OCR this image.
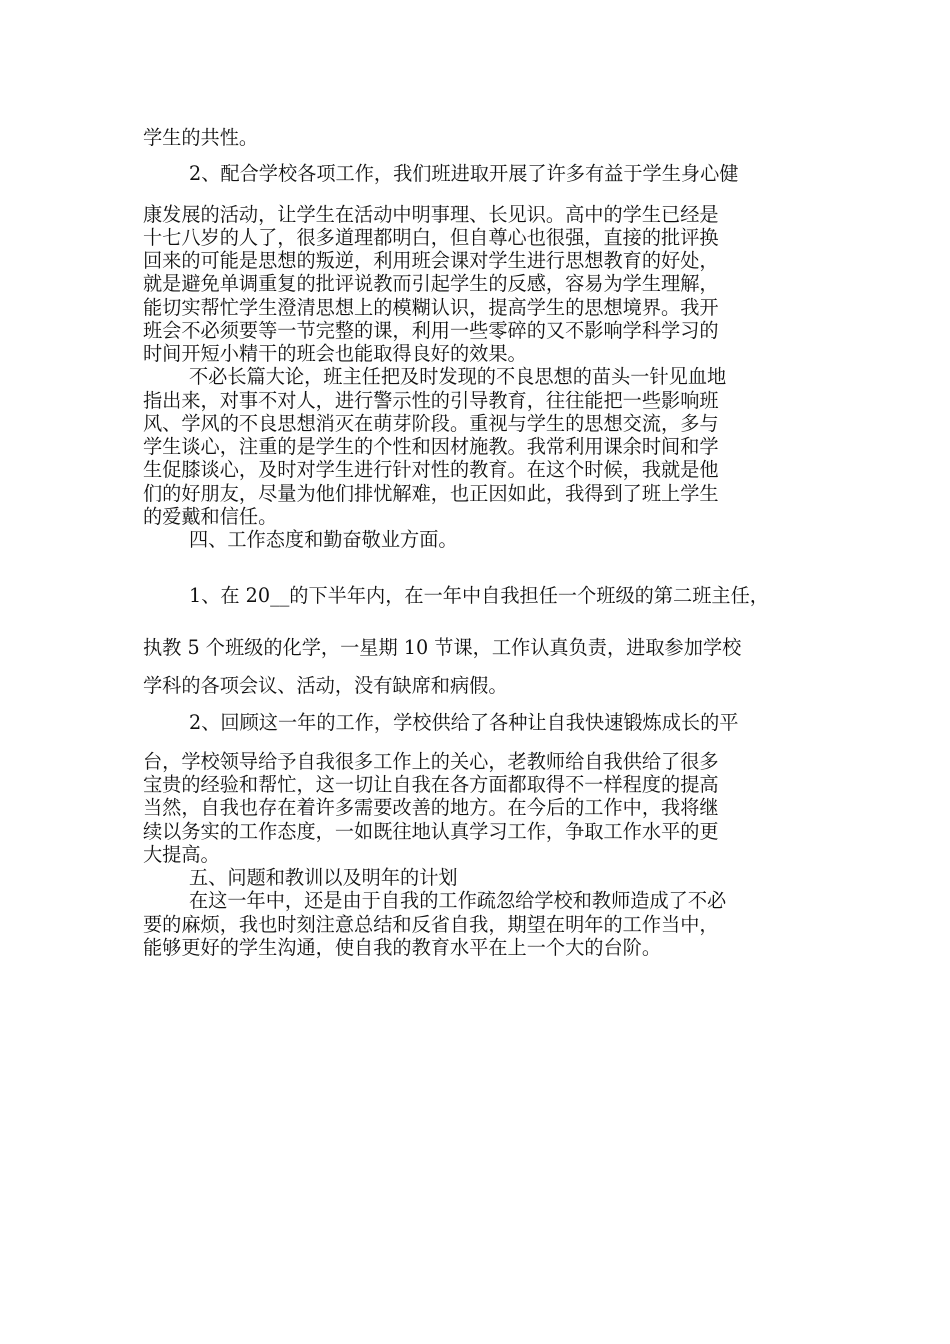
学生的共性。

2、配合学校各项工作，我们班进取开展了许多有益于学生身心健

康发展的活动，让学生在活动中明事理、长见识。高中的学生已经是

十七八岁的人了，很多道理都明白，但自尊心也很强，直接的批评换

回来的可能是思想的叛逆，利用班会课对学生进行思想教育的好处，

就是避免单调重复的批评说教而引起学生的反感，容易为学生理解，

能切实帮忙学生澄清思想上的模糊认识，提高学生的思想境界。我开

班会不必须要等一节完整的课，利用一些零碎的又不影响学科学习的

时间开短小精干的班会也能取得良好的效果。

不必长篇大论，班主任把及时发现的不良思想的苗头一针见血地

指出来，对事不对人，进行警示性的引导教育，往往能把一些影响班

风、学风的不良思想消灭在萌芽阶段。重视与学生的思想交流，多与

学生谈心，注重的是学生的个性和因材施教。我常利用课余时间和学

生促膝谈心，及时对学生进行针对性的教育。在这个时候，我就是他

们的好朋友，尽量为他们排忧解难，也正因如此，我得到了班上学生

的爱戴和信任。

四、工作态度和勤奋敬业方面。

1、在 20__的下半年内，在一年中自我担任一个班级的第二班主任，

执教 5 个班级的化学，一星期 10 节课，工作认真负责，进取参加学校

学科的各项会议、活动，没有缺席和病假。

2、回顾这一年的工作，学校供给了各种让自我快速锻炼成长的平

台，学校领导给予自我很多工作上的关心，老教师给自我供给了很多

宝贵的经验和帮忙，这一切让自我在各方面都取得不一样程度的提高

当然，自我也存在着许多需要改善的地方。在今后的工作中，我将继

续以务实的工作态度，一如既往地认真学习工作，争取工作水平的更

大提高。

五、问题和教训以及明年的计划

在这一年中，还是由于自我的工作疏忽给学校和教师造成了不必

要的麻烦，我也时刻注意总结和反省自我，期望在明年的工作当中，

能够更好的学生沟通，使自我的教育水平在上一个大的台阶。
